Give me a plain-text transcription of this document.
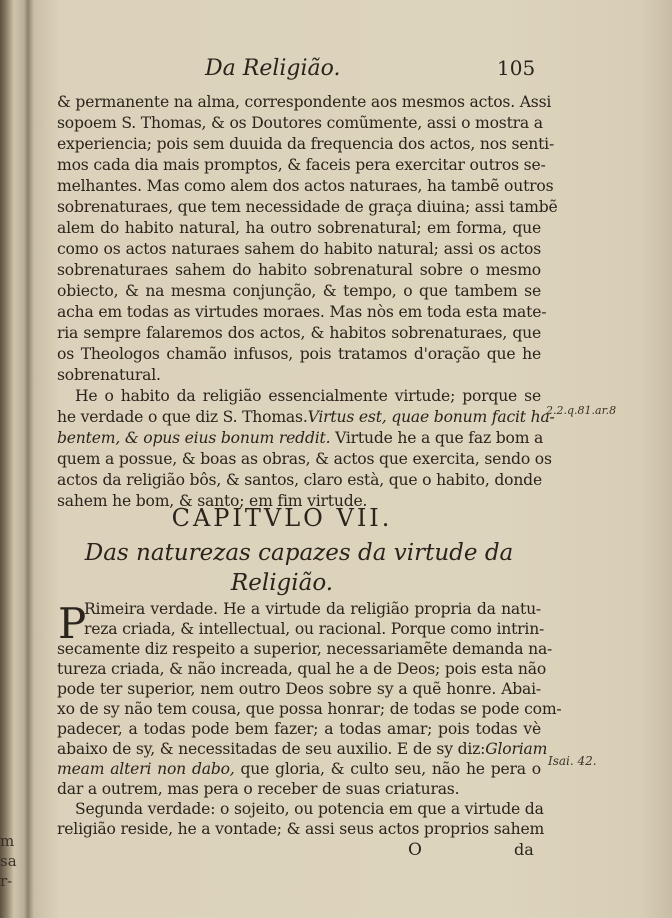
Da Religião.	105
& permanente na alma, correspondente aos mesmos actos. Assi
sopoem S. Thomas, & os Doutores comũmente, assi o mostra a
experiencia; pois sem duuida da frequencia dos actos, nos senti-
mos cada dia mais promptos, & faceis pera exercitar outros se-
melhantes. Mas como alem dos actos naturaes, ha tambẽ outros
sobrenaturaes, que tem necessidade de graça diuina; assi tambẽ
alem do habito natural, ha outro sobrenatural; em forma, que
como os actos naturaes sahem do habito natural; assi os actos
sobrenaturaes sahem do habito sobrenatural sobre o mesmo
obiecto, & na mesma conjunção, & tempo, o que tambem se
acha em todas as virtudes moraes. Mas nòs em toda esta mate-
ria sempre falaremos dos actos, & habitos sobrenaturaes, que
os Theologos chamão infusos, pois tratamos d'oração que he
sobrenatural.
He o habito da religião essencialmente virtude; porque se
he verdade o que diz S. Thomas.Virtus est, quae bonum facit ha-
bentem, & opus eius bonum reddit. Virtude he a que faz bom a
quem a possue, & boas as obras, & actos que exercita, sendo os
actos da religião bôs, & santos, claro està, que o habito, donde
sahem he bom, & santo; em fim virtude.
2.2.q.81.ar.8
CAPITVLO VII.
Das naturezas capazes da virtude da
Religião.
P
Rimeira verdade. He a virtude da religião propria da natu-
reza criada, & intellectual, ou racional. Porque como intrin-
secamente diz respeito a superior, necessariamẽte demanda na-
tureza criada, & não increada, qual he a de Deos; pois esta não
pode ter superior, nem outro Deos sobre sy a quẽ honre. Abai-
xo de sy não tem cousa, que possa honrar; de todas se pode com-
padecer, a todas pode bem fazer; a todas amar; pois todas vè
abaixo de sy, & necessitadas de seu auxilio. E de sy diz:Gloriam
meam alteri non dabo, que gloria, & culto seu, não he pera o
dar a outrem, mas pera o receber de suas criaturas.
Segunda verdade: o sojeito, ou potencia em que a virtude da
religião reside, he a vontade; & assi seus actos proprios sahem
Isai. 42.
O	da
m
sa
r-
